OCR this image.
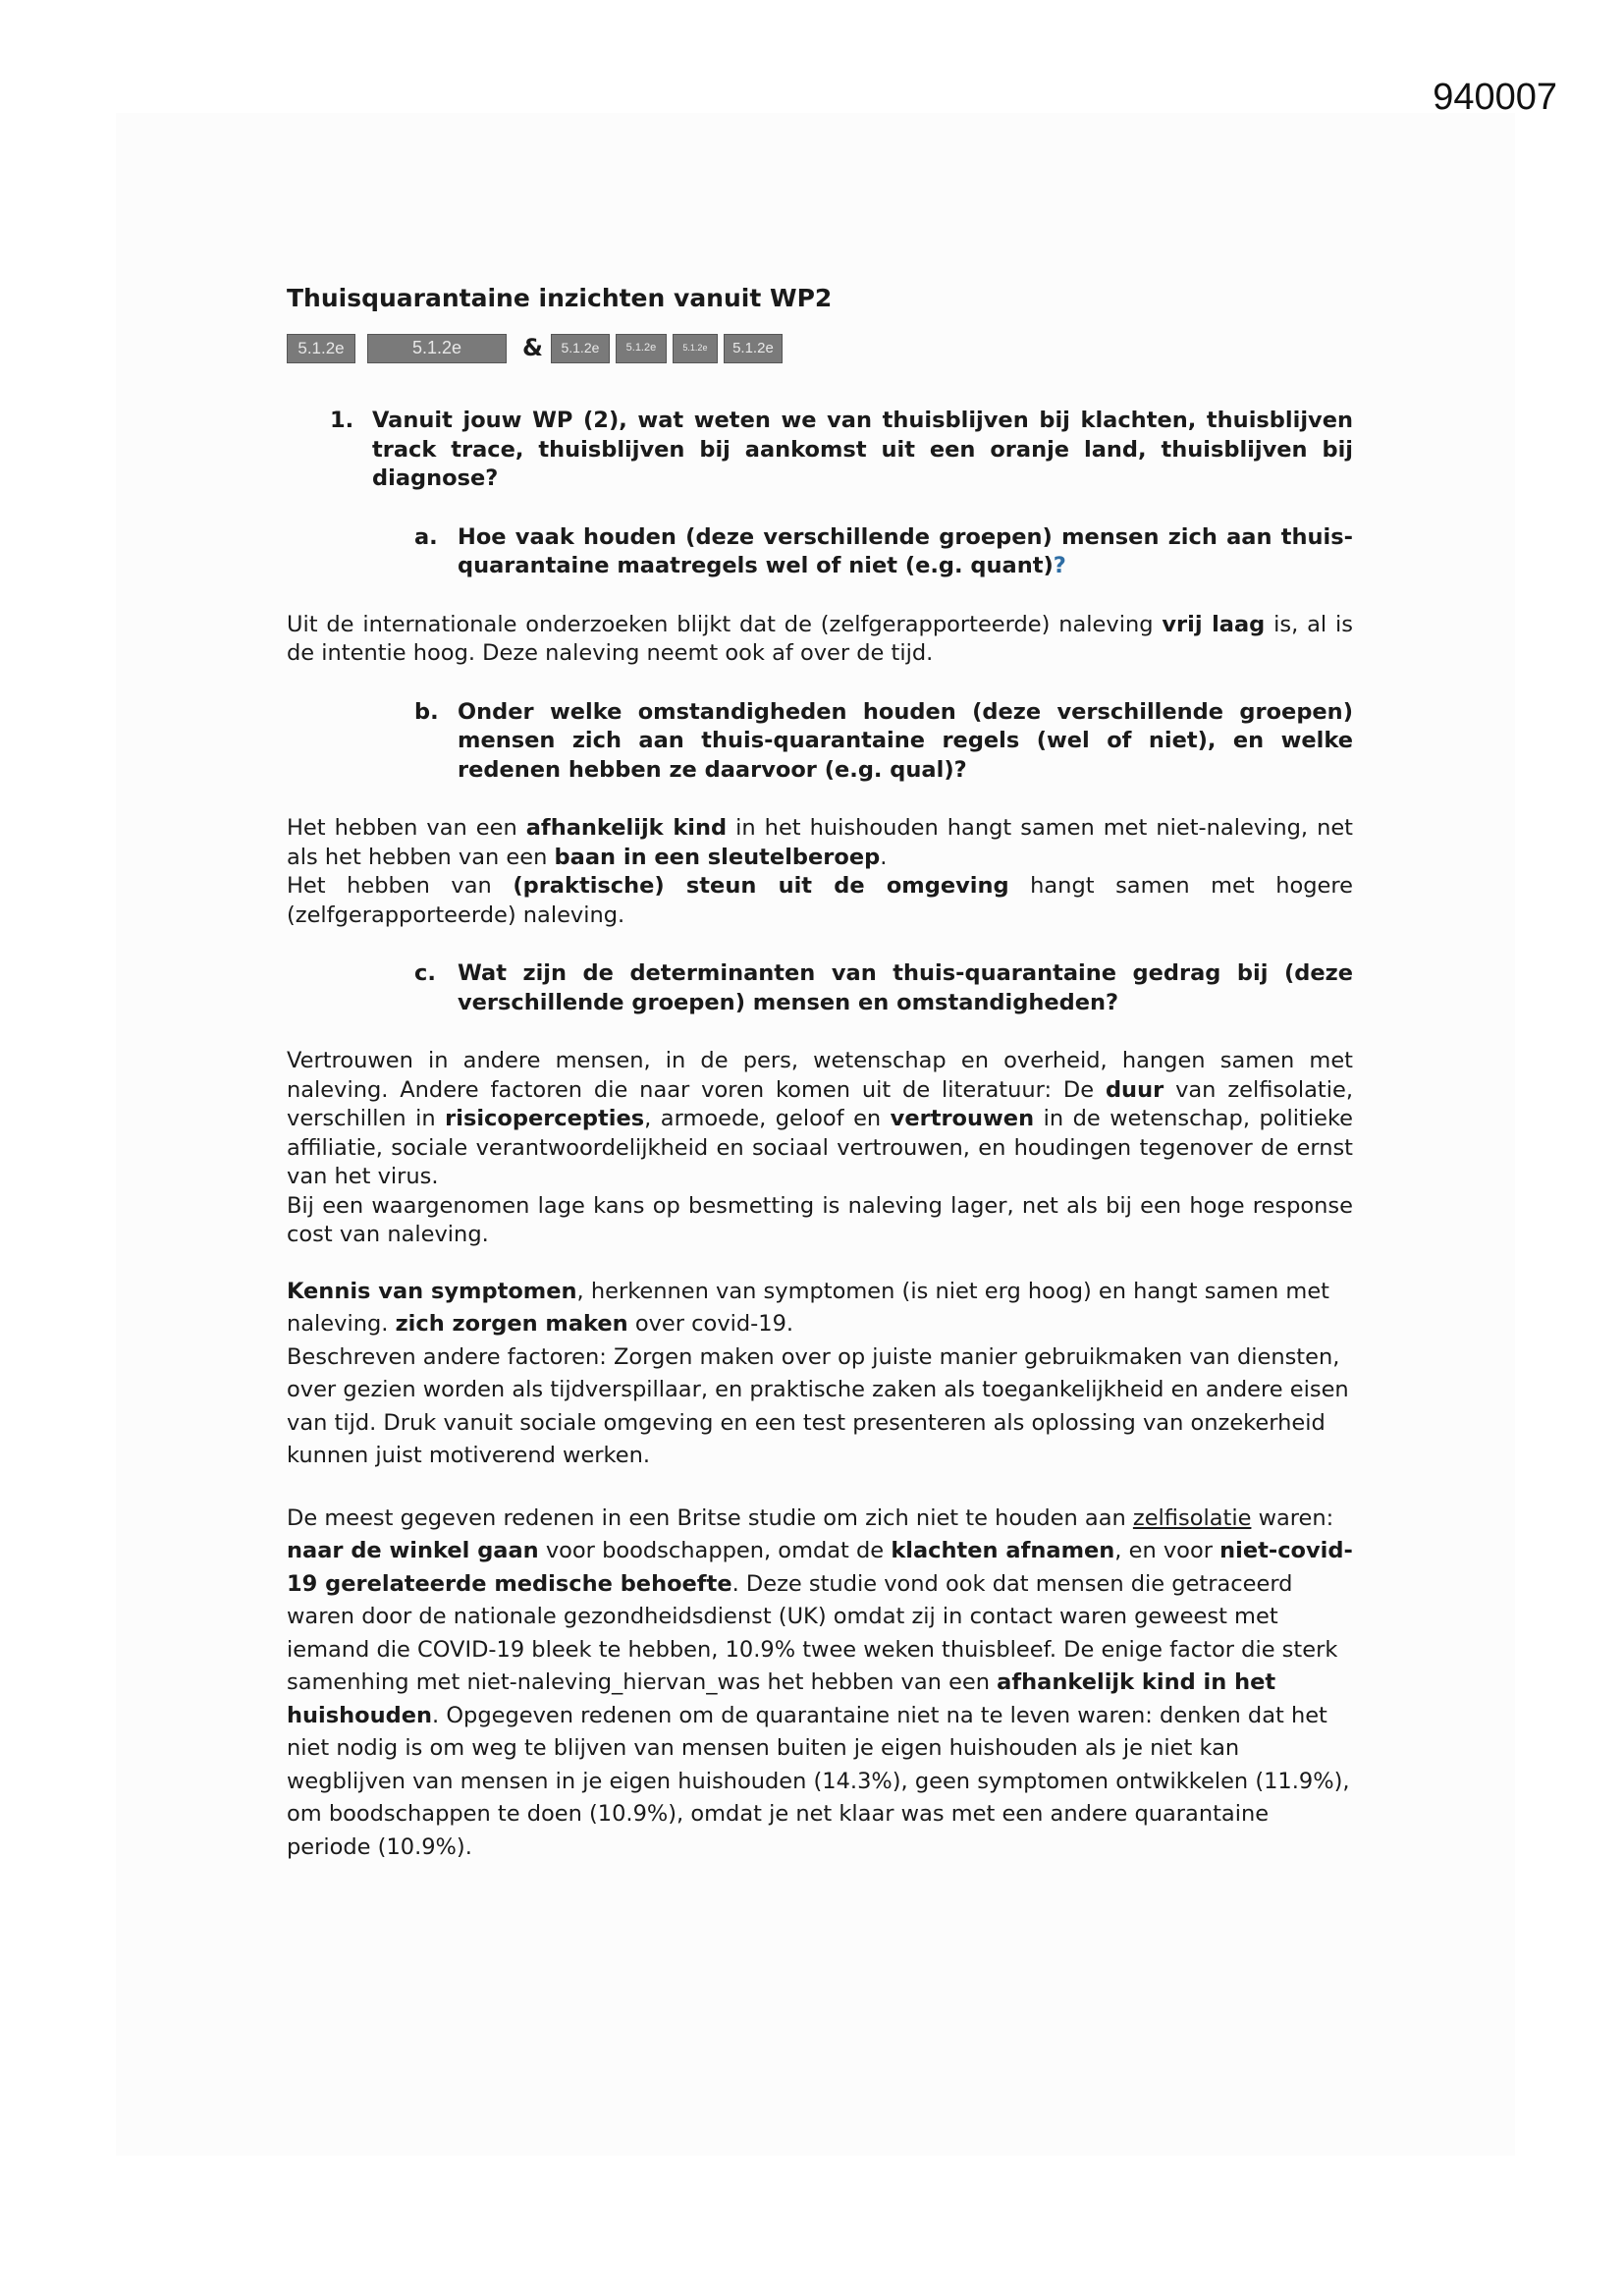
940007
Thuisquarantaine inzichten vanuit WP2
5.1.2e	5.1.2e	&	5.1.2e	5.1.2e	5.1.2e	5.1.2e
1. Vanuit jouw WP (2), wat weten we van thuisblijven bij klachten, thuisblijven track trace, thuisblijven bij aankomst uit een oranje land, thuisblijven bij diagnose?
a. Hoe vaak houden (deze verschillende groepen) mensen zich aan thuis-quarantaine maatregels wel of niet (e.g. quant)?

Uit de internationale onderzoeken blijkt dat de (zelfgerapporteerde) naleving vrij laag is, al is de intentie hoog. Deze naleving neemt ook af over de tijd.

b. Onder welke omstandigheden houden (deze verschillende groepen) mensen zich aan thuis-quarantaine regels (wel of niet), en welke redenen hebben ze daarvoor (e.g. qual)?

Het hebben van een afhankelijk kind in het huishouden hangt samen met niet-naleving, net als het hebben van een baan in een sleutelberoep.
Het hebben van (praktische) steun uit de omgeving hangt samen met hogere (zelfgerapporteerde) naleving.

c. Wat zijn de determinanten van thuis-quarantaine gedrag bij (deze verschillende groepen) mensen en omstandigheden?

Vertrouwen in andere mensen, in de pers, wetenschap en overheid, hangen samen met naleving. Andere factoren die naar voren komen uit de literatuur: De duur van zelfisolatie, verschillen in risicopercepties, armoede, geloof en vertrouwen in de wetenschap, politieke affiliatie, sociale verantwoordelijkheid en sociaal vertrouwen, en houdingen tegenover de ernst van het virus.
Bij een waargenomen lage kans op besmetting is naleving lager, net als bij een hoge response cost van naleving.

Kennis van symptomen, herkennen van symptomen (is niet erg hoog) en hangt samen met naleving. zich zorgen maken over covid-19.
Beschreven andere factoren: Zorgen maken over op juiste manier gebruikmaken van diensten, over gezien worden als tijdverspillaar, en praktische zaken als toegankelijkheid en andere eisen van tijd. Druk vanuit sociale omgeving en een test presenteren als oplossing van onzekerheid kunnen juist motiverend werken.

De meest gegeven redenen in een Britse studie om zich niet te houden aan zelfisolatie waren: naar de winkel gaan voor boodschappen, omdat de klachten afnamen, en voor niet-covid-19 gerelateerde medische behoefte. Deze studie vond ook dat mensen die getraceerd waren door de nationale gezondheidsdienst (UK) omdat zij in contact waren geweest met iemand die COVID-19 bleek te hebben, 10.9% twee weken thuisbleef. De enige factor die sterk samenhing met niet-naleving_hiervan_was het hebben van een afhankelijk kind in het huishouden. Opgegeven redenen om de quarantaine niet na te leven waren: denken dat het niet nodig is om weg te blijven van mensen buiten je eigen huishouden als je niet kan wegblijven van mensen in je eigen huishouden (14.3%), geen symptomen ontwikkelen (11.9%), om boodschappen te doen (10.9%), omdat je net klaar was met een andere quarantaine periode (10.9%).
